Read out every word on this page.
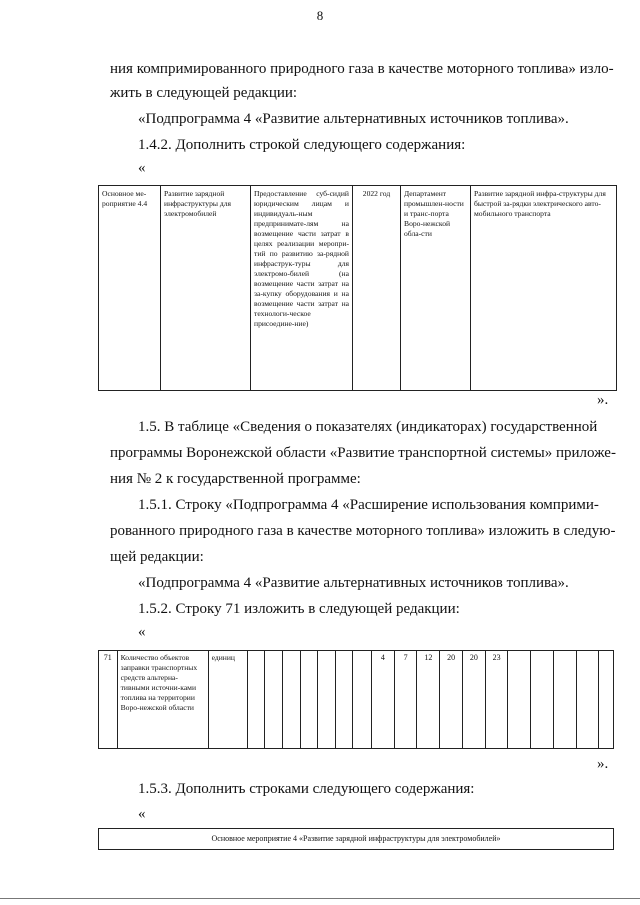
8
ния компримированного природного газа в качестве моторного топлива» изло-
жить в следующей редакции:
«Подпрограмма 4 «Развитие альтернативных источников топлива».
1.4.2. Дополнить строкой следующего содержания:
«
Основное ме-роприятие 4.4	Развитие зарядной инфраструктуры для электромобилей	Предоставление суб-сидий юридическим лицам и индивидуаль-ным предпринимате-лям на возмещение части затрат в целях реализации меропри-тий по развитию за-рядной инфраструк-туры для электромо-билей (на возмещение части затрат на за-купку оборудования и на возмещение части затрат на технологи-ческое присоедине-ние)	2022 год	Департамент промышлен-ности и транс-порта Воро-нежской обла-сти	Развитие зарядной инфра-структуры для быстрой за-рядки электрического авто-мобильного транспорта
».
1.5. В таблице «Сведения о показателях (индикаторах) государственной
программы Воронежской области «Развитие транспортной системы» приложе-
ния № 2 к государственной программе:
1.5.1. Строку «Подпрограмма 4 «Расширение использования комприми-
рованного природного газа в качестве моторного топлива» изложить в следую-
щей редакции:
«Подпрограмма 4 «Развитие альтернативных источников топлива».
1.5.2. Строку 71 изложить в следующей редакции:
«
71	Количество объектов заправки транспортных средств альтерна-тивными источни-ками топлива на территории Воро-нежской области	единиц								4	7	12	20	20	23					
».
1.5.3. Дополнить строками следующего содержания:
«
Основное мероприятие 4 «Развитие зарядной инфраструктуры для электромобилей»
